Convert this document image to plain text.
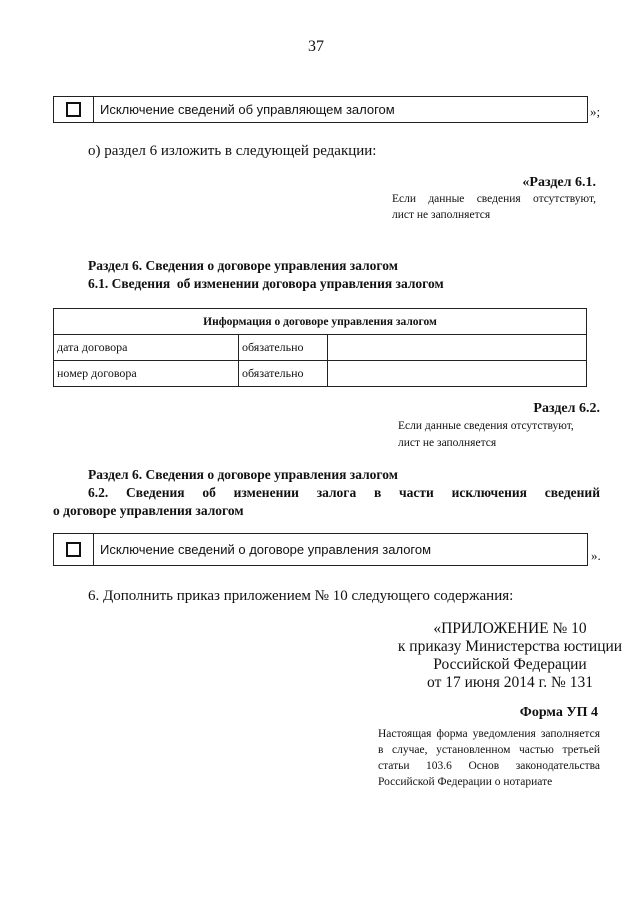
37
Исключение сведений об управляющем залогом	»;
о) раздел 6 изложить в следующей редакции:
«Раздел 6.1.
Если данные сведения отсутствуют,
лист не заполняется
Раздел 6. Сведения о договоре управления залогом
6.1. Сведения  об изменении договора управления залогом
Информация о договоре управления залогом		
дата договора	обязательно	
номер договора	обязательно	
Раздел 6.2.
Если данные сведения отсутствуют,
лист не заполняется
Раздел 6. Сведения о договоре управления залогом
6.2. Сведения об изменении залога в части исключения сведений
о договоре управления залогом
Исключение сведений о договоре управления залогом	».
6. Дополнить приказ приложением № 10 следующего содержания:
«ПРИЛОЖЕНИЕ № 10
к приказу Министерства юстиции
Российской Федерации
от 17 июня 2014 г. № 131
Форма УП 4
Настоящая форма уведомления заполняется в случае, установленном частью третьей статьи 103.6 Основ законодательства Российской Федерации о нотариате
